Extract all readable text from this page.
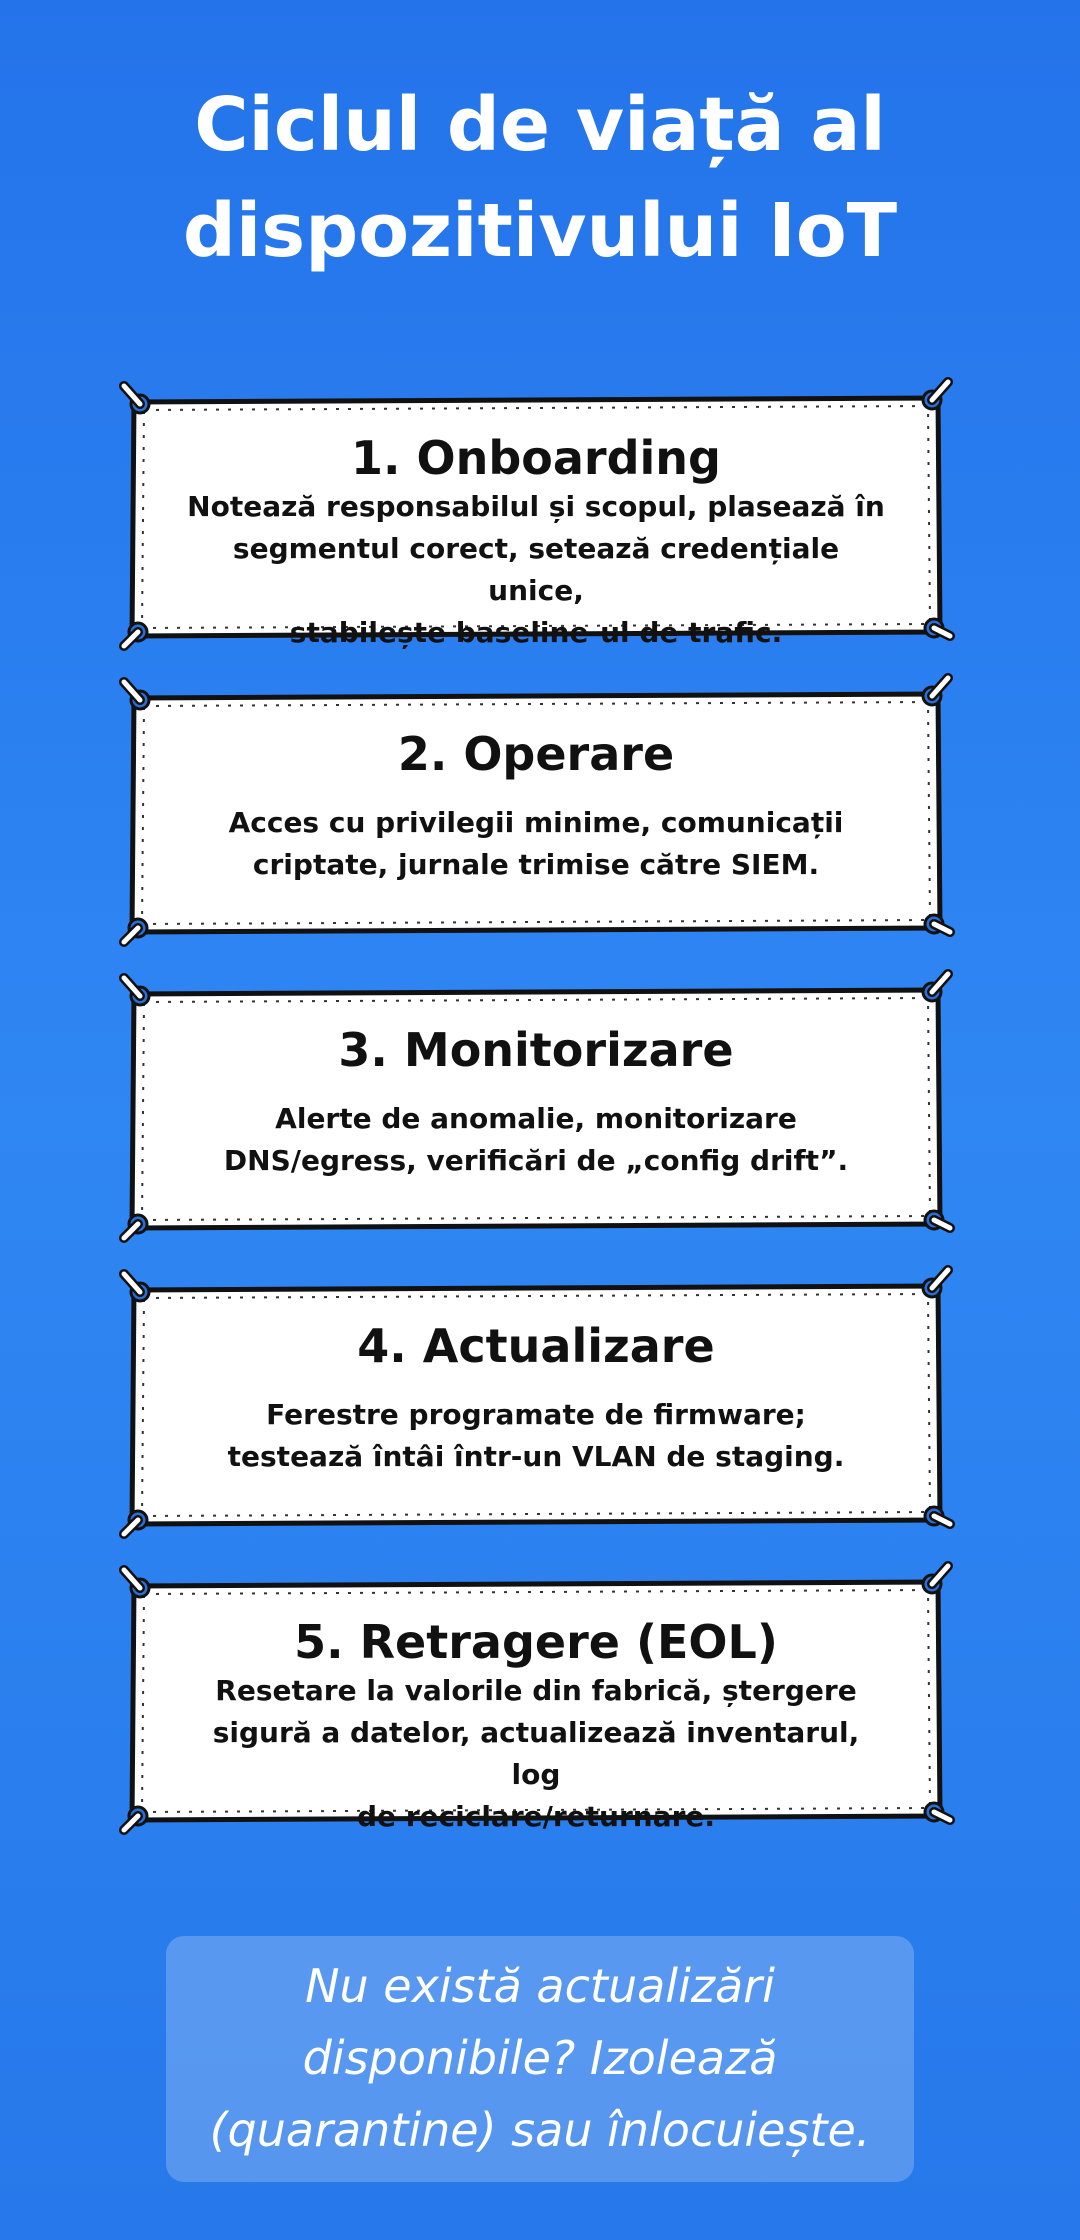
Ciclul de viață al
dispozitivului IoT

1. Onboarding

Notează responsabilul și scopul, plasează în
segmentul corect, setează credențiale unice,
stabilește baseline-ul de trafic.

2. Operare

Acces cu privilegii minime, comunicații
criptate, jurnale trimise către SIEM.

3. Monitorizare

Alerte de anomalie, monitorizare
DNS/egress, verificări de „config drift”.

4. Actualizare

Ferestre programate de firmware;
testează întâi într-un VLAN de staging.

5. Retragere (EOL)

Resetare la valorile din fabrică, ștergere
sigură a datelor, actualizează inventarul, log
de reciclare/returnare.

Nu există actualizări
disponibile? Izolează
(quarantine) sau înlocuiește.
